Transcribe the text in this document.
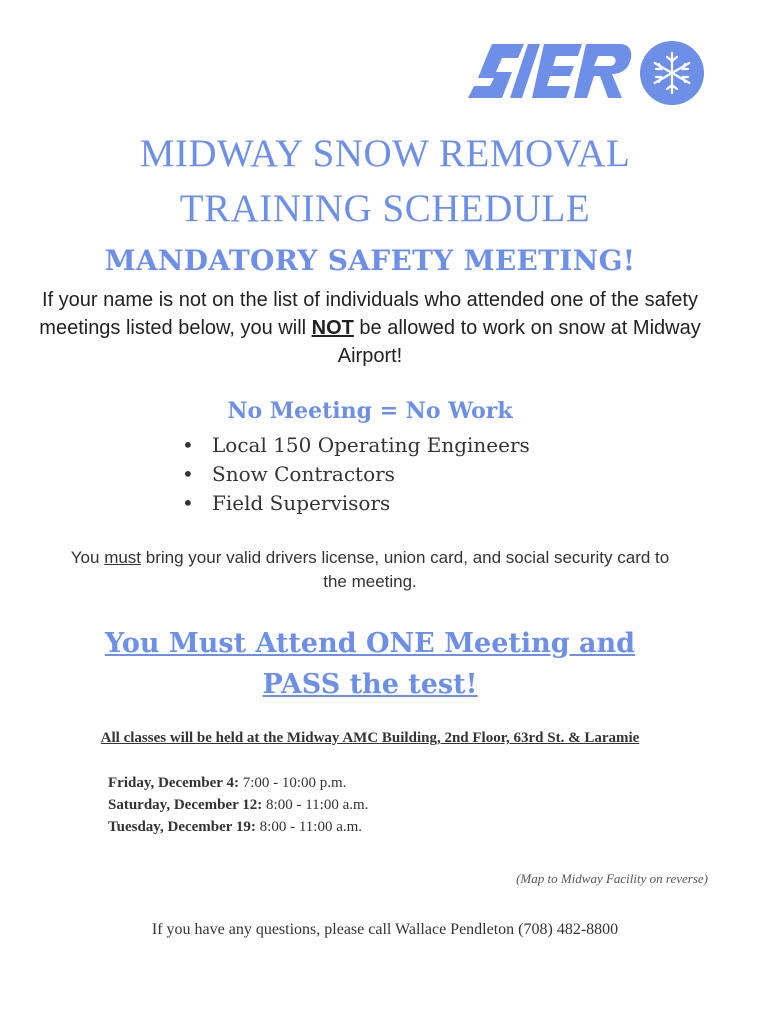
MIDWAY SNOW REMOVAL
TRAINING SCHEDULE
MANDATORY SAFETY MEETING!
If your name is not on the list of individuals who attended one of the safety meetings listed below, you will NOT be allowed to work on snow at Midway Airport!
No Meeting = No Work
• Local 150 Operating Engineers
• Snow Contractors
• Field Supervisors
You must bring your valid drivers license, union card, and social security card to the meeting.
You Must Attend ONE Meeting and
PASS the test!
All classes will be held at the Midway AMC Building, 2nd Floor, 63rd St. & Laramie
Friday, December 4: 7:00 - 10:00 p.m.
Saturday, December 12: 8:00 - 11:00 a.m.
Tuesday, December 19: 8:00 - 11:00 a.m.
(Map to Midway Facility on reverse)
If you have any questions, please call Wallace Pendleton (708) 482-8800
